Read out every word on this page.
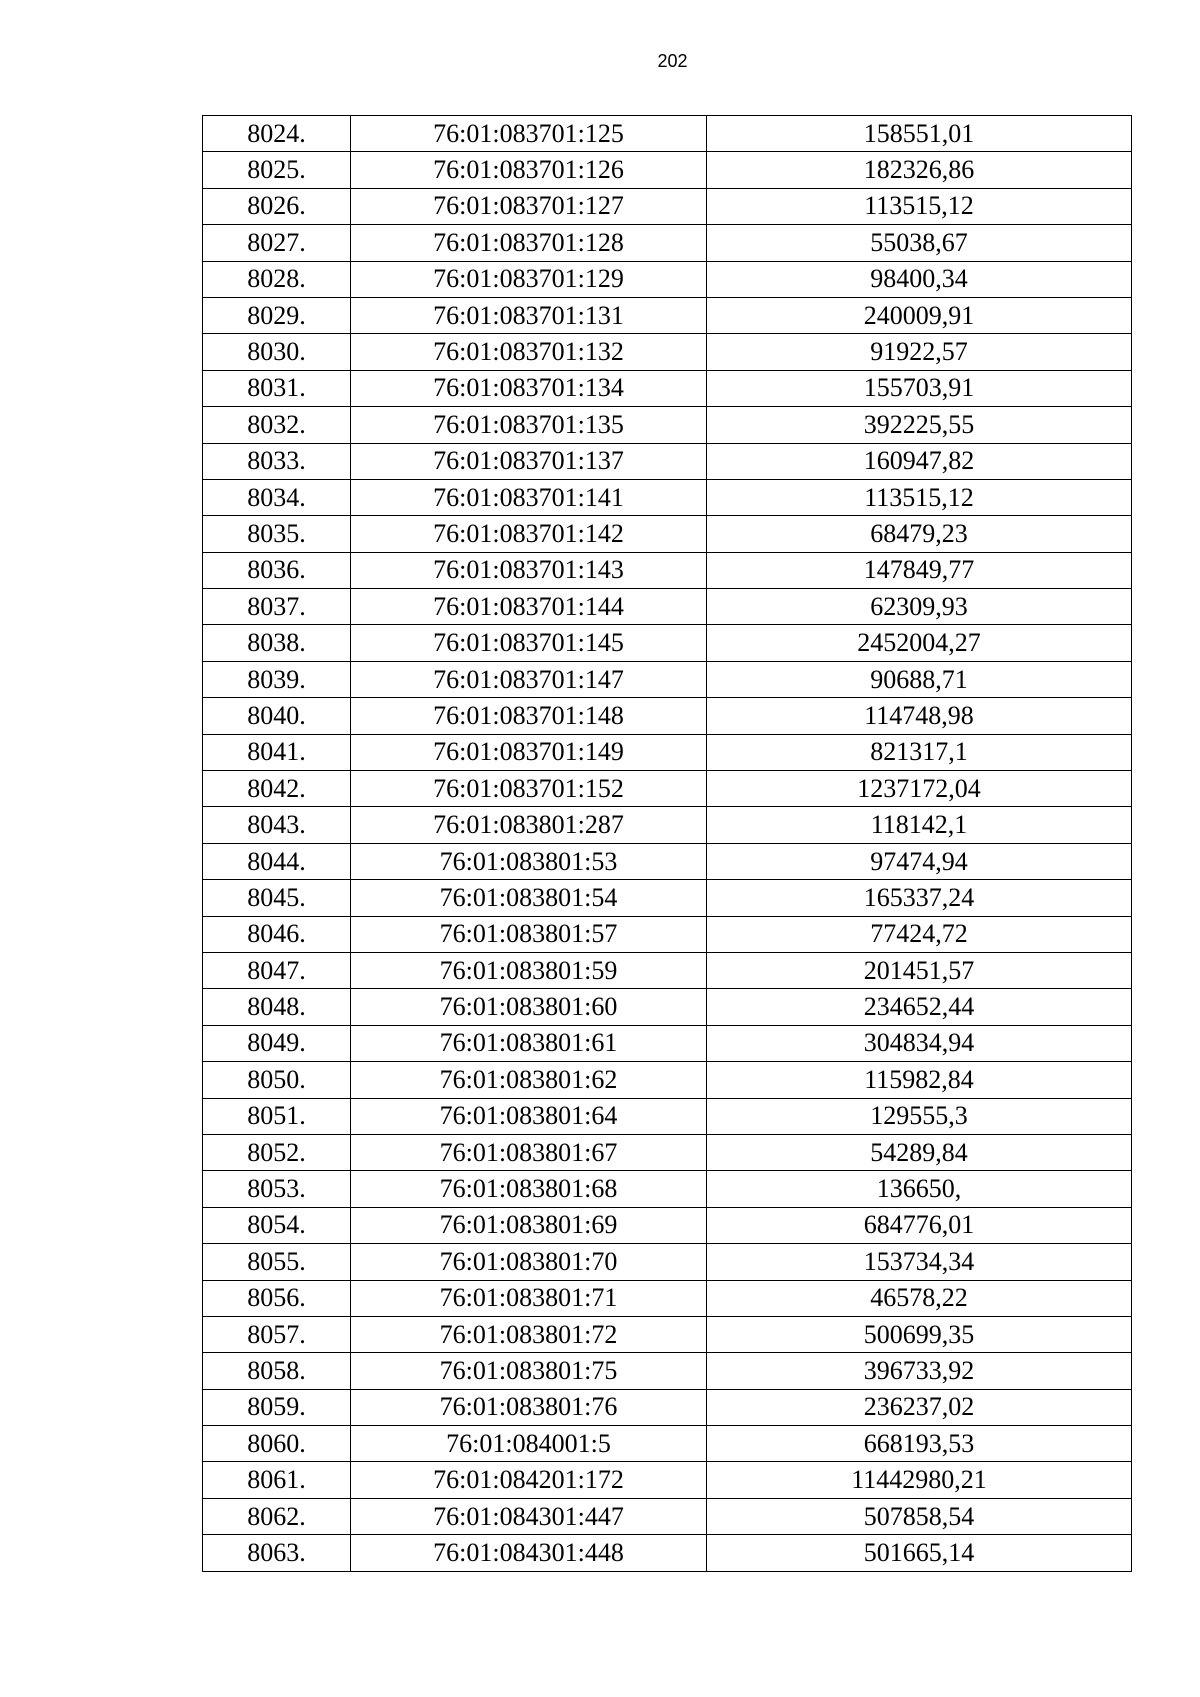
202
8024.	76:01:083701:125	158551,01
8025.	76:01:083701:126	182326,86
8026.	76:01:083701:127	113515,12
8027.	76:01:083701:128	55038,67
8028.	76:01:083701:129	98400,34
8029.	76:01:083701:131	240009,91
8030.	76:01:083701:132	91922,57
8031.	76:01:083701:134	155703,91
8032.	76:01:083701:135	392225,55
8033.	76:01:083701:137	160947,82
8034.	76:01:083701:141	113515,12
8035.	76:01:083701:142	68479,23
8036.	76:01:083701:143	147849,77
8037.	76:01:083701:144	62309,93
8038.	76:01:083701:145	2452004,27
8039.	76:01:083701:147	90688,71
8040.	76:01:083701:148	114748,98
8041.	76:01:083701:149	821317,1
8042.	76:01:083701:152	1237172,04
8043.	76:01:083801:287	118142,1
8044.	76:01:083801:53	97474,94
8045.	76:01:083801:54	165337,24
8046.	76:01:083801:57	77424,72
8047.	76:01:083801:59	201451,57
8048.	76:01:083801:60	234652,44
8049.	76:01:083801:61	304834,94
8050.	76:01:083801:62	115982,84
8051.	76:01:083801:64	129555,3
8052.	76:01:083801:67	54289,84
8053.	76:01:083801:68	136650,
8054.	76:01:083801:69	684776,01
8055.	76:01:083801:70	153734,34
8056.	76:01:083801:71	46578,22
8057.	76:01:083801:72	500699,35
8058.	76:01:083801:75	396733,92
8059.	76:01:083801:76	236237,02
8060.	76:01:084001:5	668193,53
8061.	76:01:084201:172	11442980,21
8062.	76:01:084301:447	507858,54
8063.	76:01:084301:448	501665,14
